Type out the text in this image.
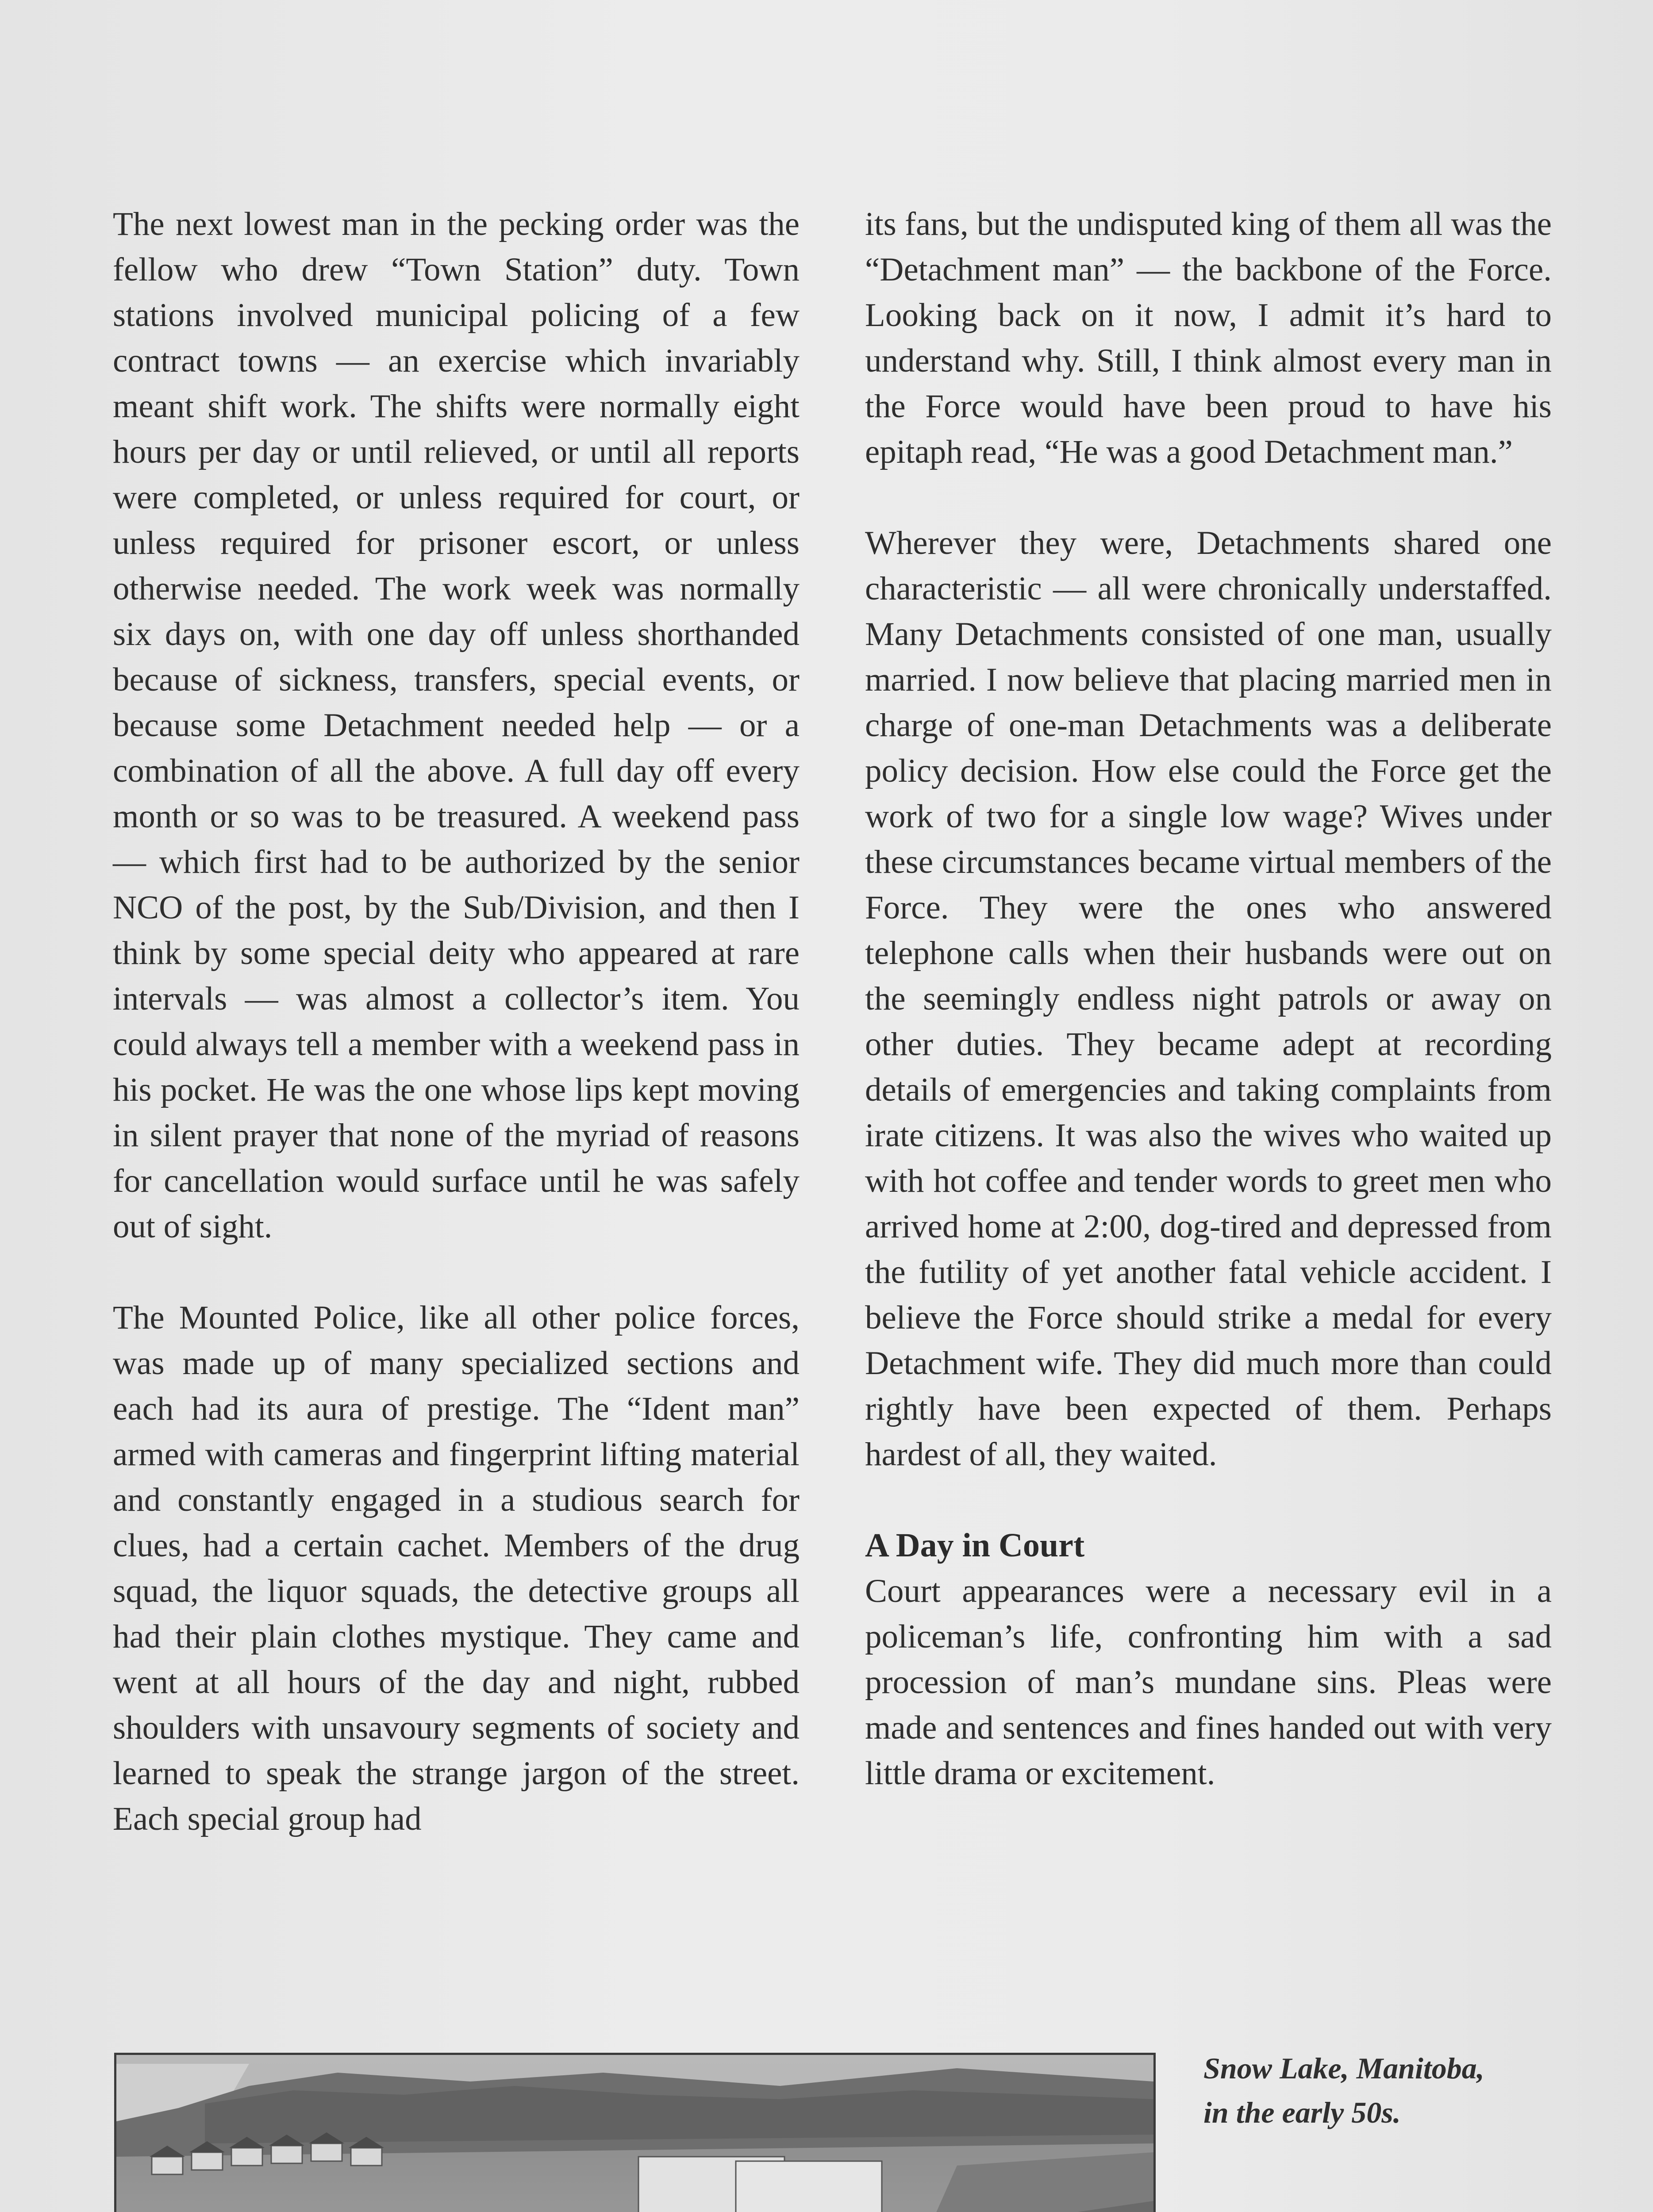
The next lowest man in the pecking order was the fellow who drew “Town Station” duty. Town stations involved municipal policing of a few contract towns — an exercise which invariably meant shift work. The shifts were normally eight hours per day or until relieved, or until all reports were completed, or unless required for court, or unless required for prisoner escort, or unless otherwise needed. The work week was normally six days on, with one day off unless shorthanded because of sickness, transfers, special events, or because some Detachment needed help — or a combination of all the above. A full day off every month or so was to be treasured. A weekend pass — which first had to be authorized by the senior NCO of the post, by the Sub/Division, and then I think by some special deity who appeared at rare intervals — was almost a collector’s item. You could always tell a member with a weekend pass in his pocket. He was the one whose lips kept moving in silent prayer that none of the myriad of reasons for cancellation would surface until he was safely out of sight.

The Mounted Police, like all other police forces, was made up of many specialized sections and each had its aura of prestige. The “Ident man” armed with cameras and fingerprint lifting material and constantly engaged in a studious search for clues, had a certain cachet. Members of the drug squad, the liquor squads, the detective groups all had their plain clothes mystique. They came and went at all hours of the day and night, rubbed shoulders with unsavoury segments of society and learned to speak the strange jargon of the street. Each special group had

its fans, but the undisputed king of them all was the “Detachment man” — the backbone of the Force. Looking back on it now, I admit it’s hard to understand why. Still, I think almost every man in the Force would have been proud to have his epitaph read, “He was a good Detachment man.”

Wherever they were, Detachments shared one characteristic — all were chronically understaffed. Many Detachments consisted of one man, usually married. I now believe that placing married men in charge of one-man Detachments was a deliberate policy decision. How else could the Force get the work of two for a single low wage? Wives under these circumstances became virtual members of the Force. They were the ones who answered telephone calls when their husbands were out on the seemingly endless night patrols or away on other duties. They became adept at recording details of emergencies and taking complaints from irate citizens. It was also the wives who waited up with hot coffee and tender words to greet men who arrived home at 2:00, dog-tired and depressed from the futility of yet another fatal vehicle accident. I believe the Force should strike a medal for every Detachment wife. They did much more than could rightly have been expected of them. Perhaps hardest of all, they waited.

A Day in Court

Court appearances were a necessary evil in a policeman’s life, confronting him with a sad procession of man’s mundane sins. Pleas were made and sentences and fines handed out with very little drama or excitement.

Snow Lake, Manitoba,
in the early 50s.
